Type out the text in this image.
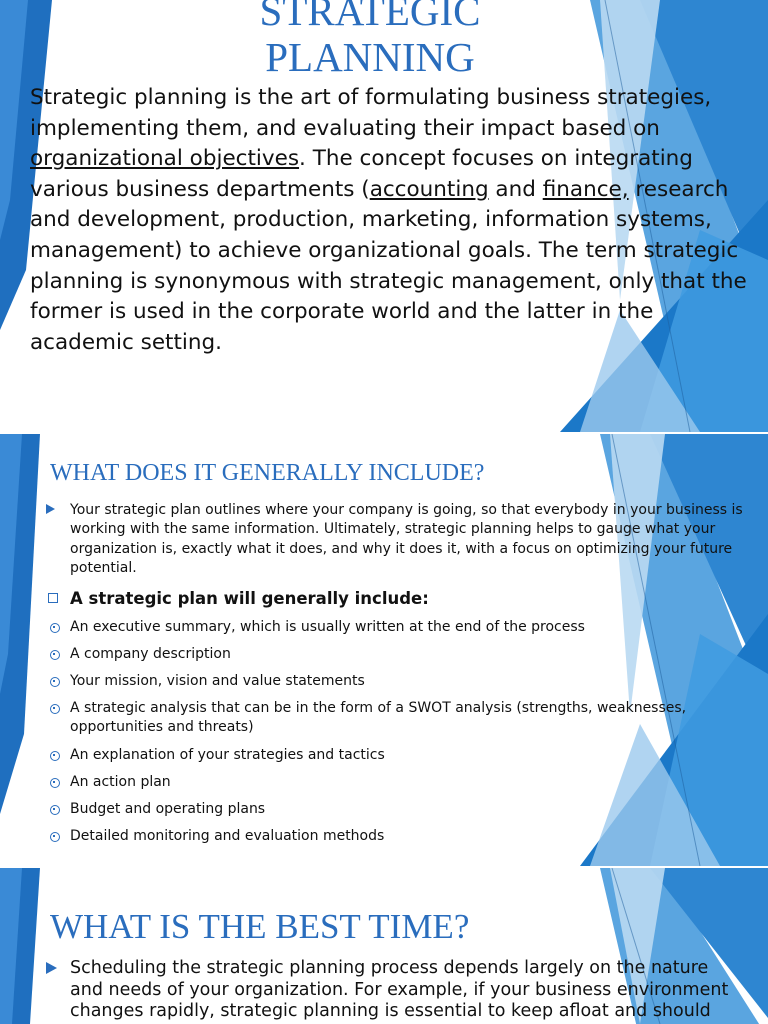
STRATEGIC PLANNING

Strategic planning is the art of formulating business strategies, implementing them, and evaluating their impact based on organizational objectives. The concept focuses on integrating various business departments (accounting and finance, research and development, production, marketing, information systems, management) to achieve organizational goals. The term strategic planning is synonymous with strategic management, only that the former is used in the corporate world and the latter in the academic setting.

WHAT DOES IT GENERALLY INCLUDE?
Your strategic plan outlines where your company is going, so that everybody in your business is working with the same information. Ultimately, strategic planning helps to gauge what your organization is, exactly what it does, and why it does it, with a focus on optimizing your future potential.
A strategic plan will generally include:
An executive summary, which is usually written at the end of the process
A company description
Your mission, vision and value statements
A strategic analysis that can be in the form of a SWOT analysis (strengths, weaknesses, opportunities and threats)
An explanation of your strategies and tactics
An action plan
Budget and operating plans
Detailed monitoring and evaluation methods
WHAT IS THE BEST TIME?
Scheduling the strategic planning process depends largely on the nature and needs of your organization. For example, if your business environment changes rapidly, strategic planning is essential to keep afloat and should
